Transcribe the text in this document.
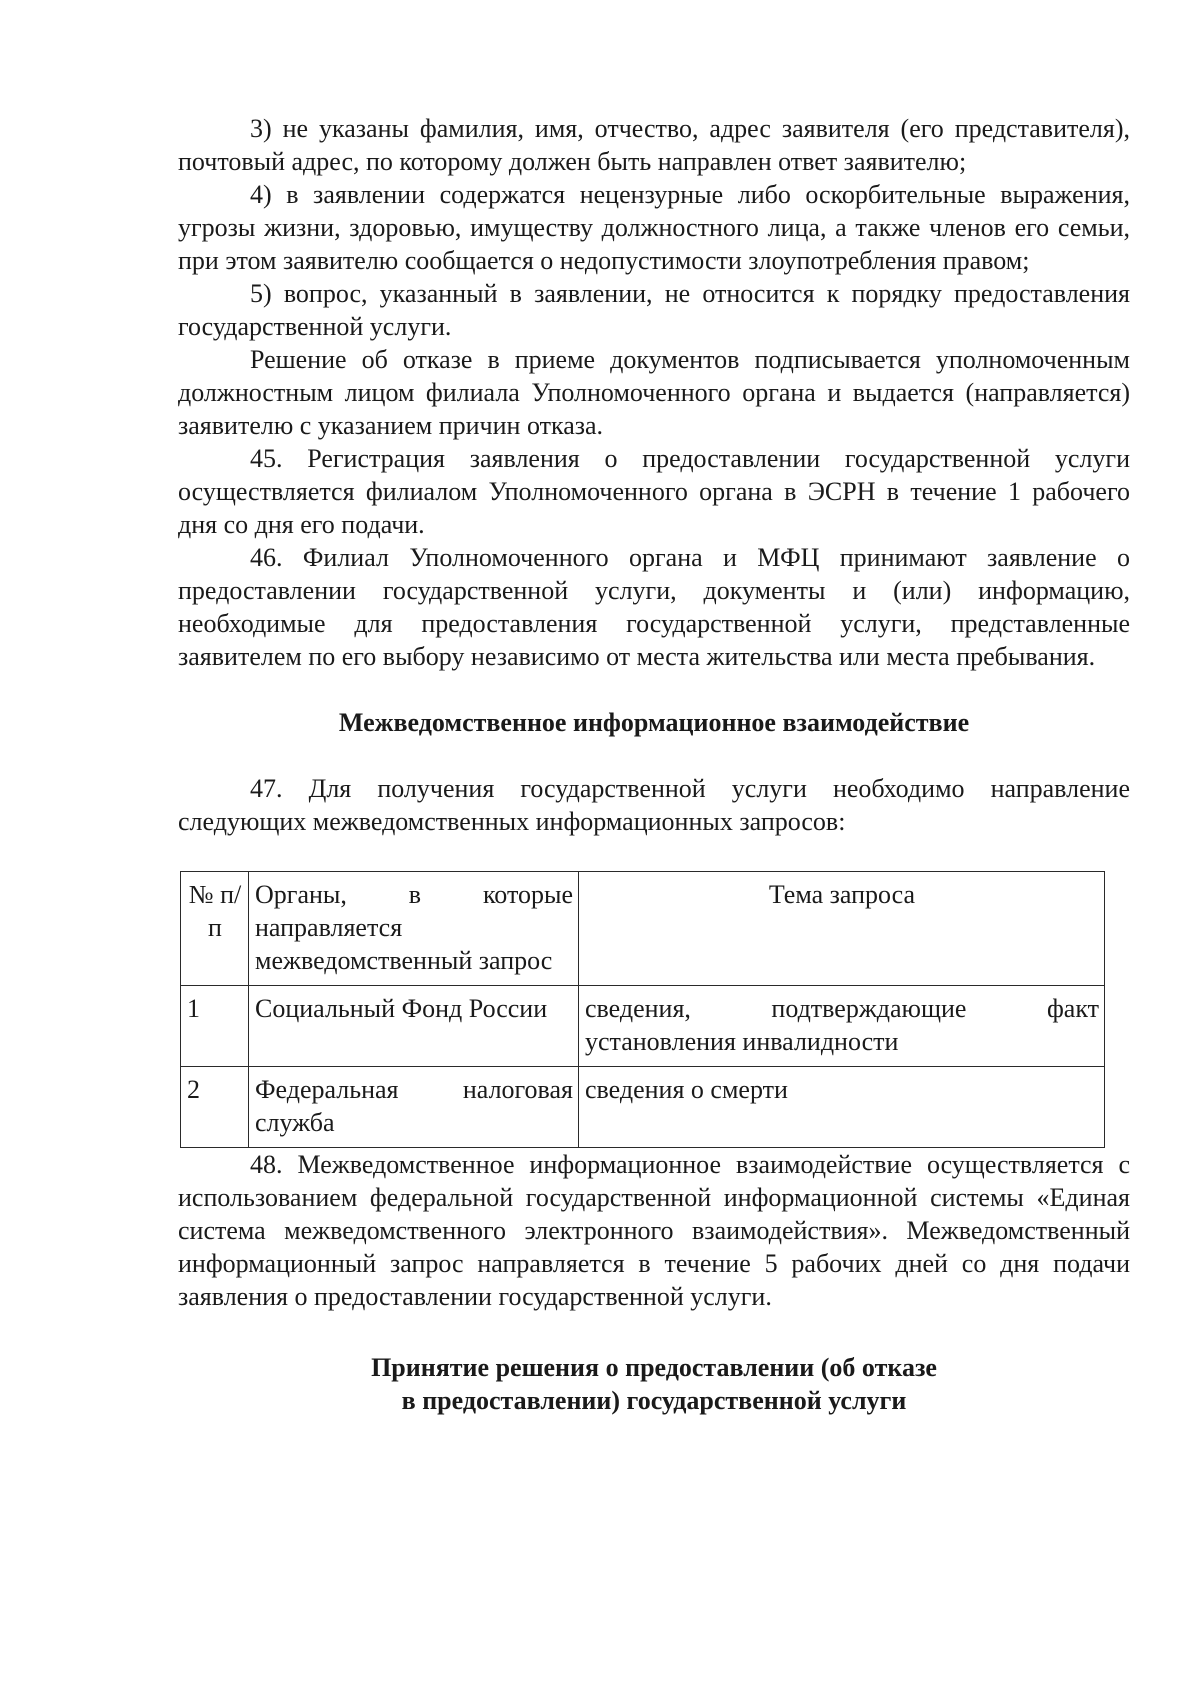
3) не указаны фамилия, имя, отчество, адрес заявителя (его представителя), почтовый адрес, по которому должен быть направлен ответ заявителю;

4) в заявлении содержатся нецензурные либо оскорбительные выражения, угрозы жизни, здоровью, имуществу должностного лица, а также членов его семьи, при этом заявителю сообщается о недопустимости злоупотребления правом;

5) вопрос, указанный в заявлении, не относится к порядку предоставления государственной услуги.

Решение об отказе в приеме документов подписывается уполномоченным должностным лицом филиала Уполномоченного органа и выдается (направляется) заявителю с указанием причин отказа.

45. Регистрация заявления о предоставлении государственной услуги осуществляется филиалом Уполномоченного органа в ЭСРН в течение 1 рабочего дня со дня его подачи.

46. Филиал Уполномоченного органа и МФЦ принимают заявление о предоставлении государственной услуги, документы и (или) информацию, необходимые для предоставления государственной услуги, представленные заявителем по его выбору независимо от места жительства или места пребывания.

Межведомственное информационное взаимодействие

47. Для получения государственной услуги необходимо направление следующих межведомственных информационных запросов:

№ п/п	Органы, в которые направляется межведомственный запрос	Тема запроса
1	Социальный Фонд России	сведения, подтверждающие факт установления инвалидности
2	Федеральная налоговая служба	сведения о смерти

48. Межведомственное информационное взаимодействие осуществляется с использованием федеральной государственной информационной системы «Единая система межведомственного электронного взаимодействия». Межведомственный информационный запрос направляется в течение 5 рабочих дней со дня подачи заявления о предоставлении государственной услуги.

Принятие решения о предоставлении (об отказе
в предоставлении) государственной услуги
